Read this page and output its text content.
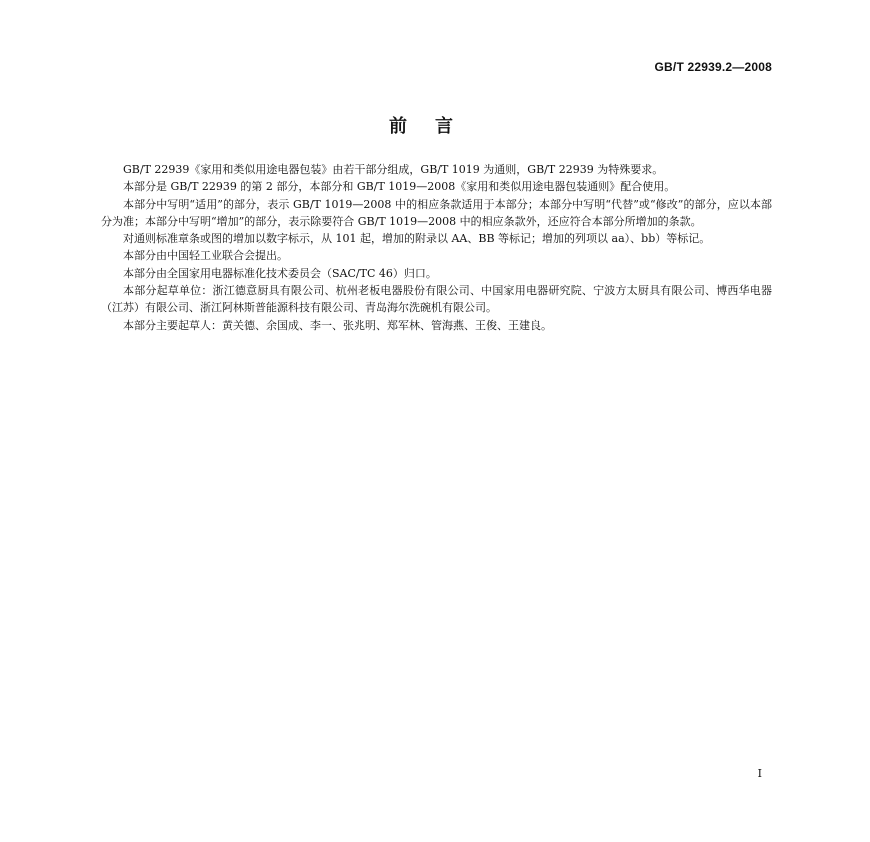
GB/T 22939.2—2008
前言

GB/T 22939《家用和类似用途电器包装》由若干部分组成，GB/T 1019 为通则，GB/T 22939 为特殊要求。

本部分是 GB/T 22939 的第 2 部分，本部分和 GB/T 1019—2008《家用和类似用途电器包装通则》配合使用。

本部分中写明“适用”的部分，表示 GB/T 1019—2008 中的相应条款适用于本部分；本部分中写明“代替”或“修改”的部分，应以本部分为准；本部分中写明“增加”的部分，表示除要符合 GB/T 1019—2008 中的相应条款外，还应符合本部分所增加的条款。

对通则标准章条或图的增加以数字标示，从 101 起，增加的附录以 AA、BB 等标记；增加的列项以 aa）、bb）等标记。

本部分由中国轻工业联合会提出。

本部分由全国家用电器标准化技术委员会（SAC/TC 46）归口。

本部分起草单位：浙江德意厨具有限公司、杭州老板电器股份有限公司、中国家用电器研究院、宁波方太厨具有限公司、博西华电器（江苏）有限公司、浙江阿林斯普能源科技有限公司、青岛海尔洗碗机有限公司。

本部分主要起草人：黄关德、余国成、李一、张兆明、郑军林、管海燕、王俊、王建良。

I
